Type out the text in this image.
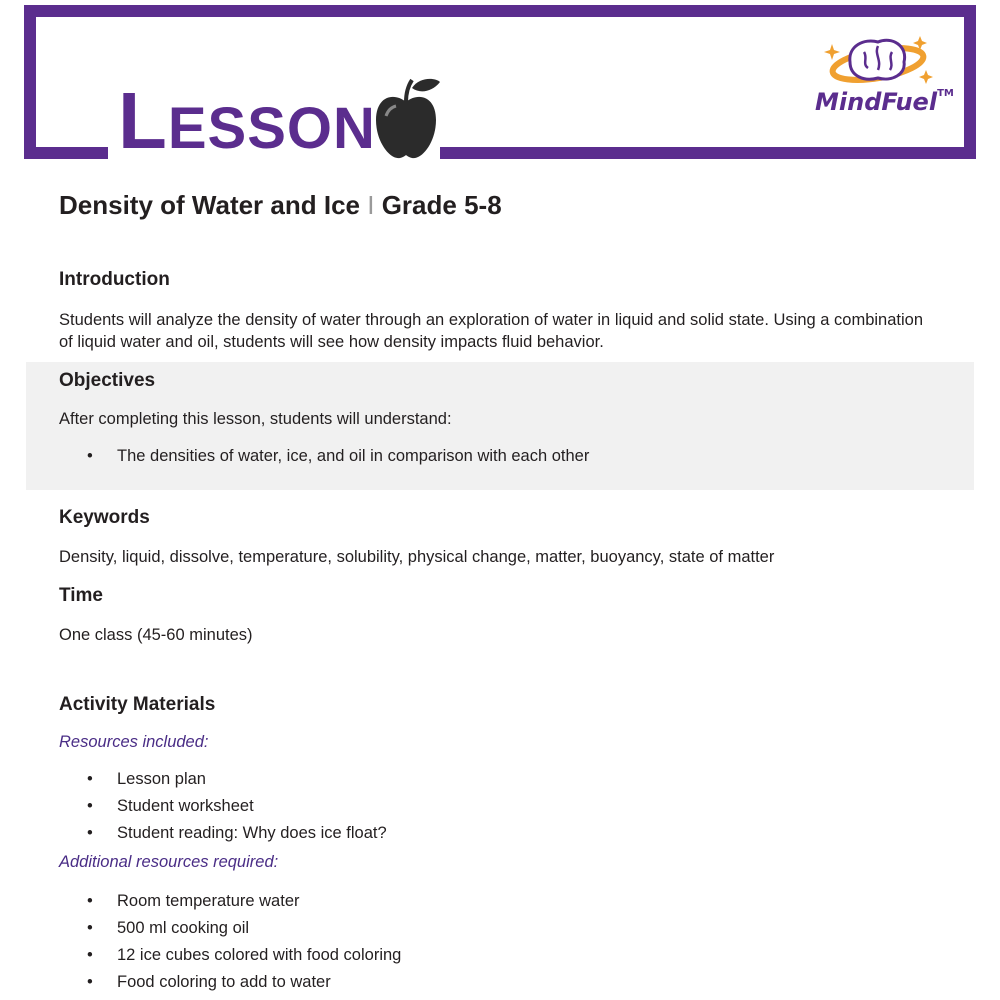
LESSON	MindFuel™
Density of Water and Ice I Grade 5-8
Introduction

Students will analyze the density of water through an exploration of water in liquid and solid state. Using a combination of liquid water and oil, students will see how density impacts fluid behavior.

Objectives

After completing this lesson, students will understand:

• The densities of water, ice, and oil in comparison with each other
Keywords

Density, liquid, dissolve, temperature, solubility, physical change, matter, buoyancy, state of matter

Time

One class (45-60 minutes)

Activity Materials

Resources included:

• Lesson plan
• Student worksheet
• Student reading: Why does ice float?

Additional resources required:

• Room temperature water
• 500 ml cooking oil
• 12 ice cubes colored with food coloring
• Food coloring to add to water
